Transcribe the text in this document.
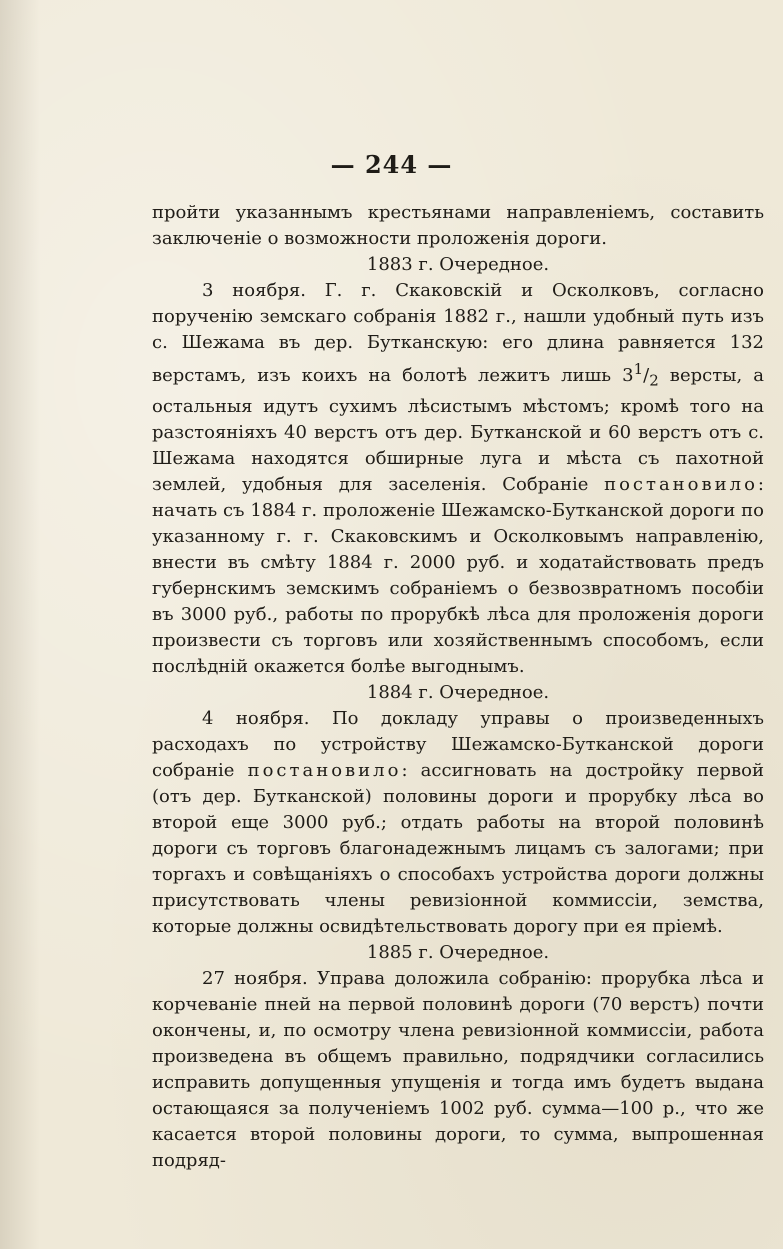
— 244 —

пройти указаннымъ крестьянами направленіемъ, составить заключеніе о возможности проложенія дороги.

1883 г. Очередное.

3 ноября. Г. г. Скаковскій и Осколковъ, согласно порученію земскаго собранія 1882 г., нашли удобный путь изъ с. Шежама въ дер. Бутканскую: его длина равняется 132 верстамъ, изъ коихъ на болотѣ лежитъ лишь $3^1/_2$ версты, а остальныя идутъ сухимъ лѣсистымъ мѣстомъ; кромѣ того на разстояніяхъ 40 верстъ отъ дер. Бутканской и 60 верстъ отъ с. Шежама находятся обширные луга и мѣста съ пахотной землей, удобныя для заселенія. Собраніе постановило: начать съ 1884 г. проложеніе Шежамско-Бутканской дороги по указанному г. г. Скаковскимъ и Осколковымъ направленію, внести въ смѣту 1884 г. 2000 руб. и ходатайствовать предъ губернскимъ земскимъ собраніемъ о безвозвратномъ пособіи въ 3000 руб., работы по прорубкѣ лѣса для проложенія дороги произвести съ торговъ или хозяйственнымъ способомъ, если послѣдній окажется болѣе выгоднымъ.

1884 г. Очередное.

4 ноября. По докладу управы о произведенныхъ расходахъ по устройству Шежамско-Бутканской дороги собраніе постановило: ассигновать на достройку первой (отъ дер. Бутканской) половины дороги и прорубку лѣса во второй еще 3000 руб.; отдать работы на второй половинѣ дороги съ торговъ благонадежнымъ лицамъ съ залогами; при торгахъ и совѣщаніяхъ о способахъ устройства дороги должны присутствовать члены ревизіонной коммиссіи, земства, которые должны освидѣтельствовать дорогу при ея пріемѣ.

1885 г. Очередное.

27 ноября. Управа доложила собранію: прорубка лѣса и корчеваніе пней на первой половинѣ дороги (70 верстъ) почти окончены, и, по осмотру члена ревизіонной коммиссіи, работа произведена въ общемъ правильно, подрядчики согласились исправить допущенныя упущенія и тогда имъ будетъ выдана остающаяся за полученіемъ 1002 руб. сумма—100 р., что же касается второй половины дороги, то сумма, выпрошенная подряд-
